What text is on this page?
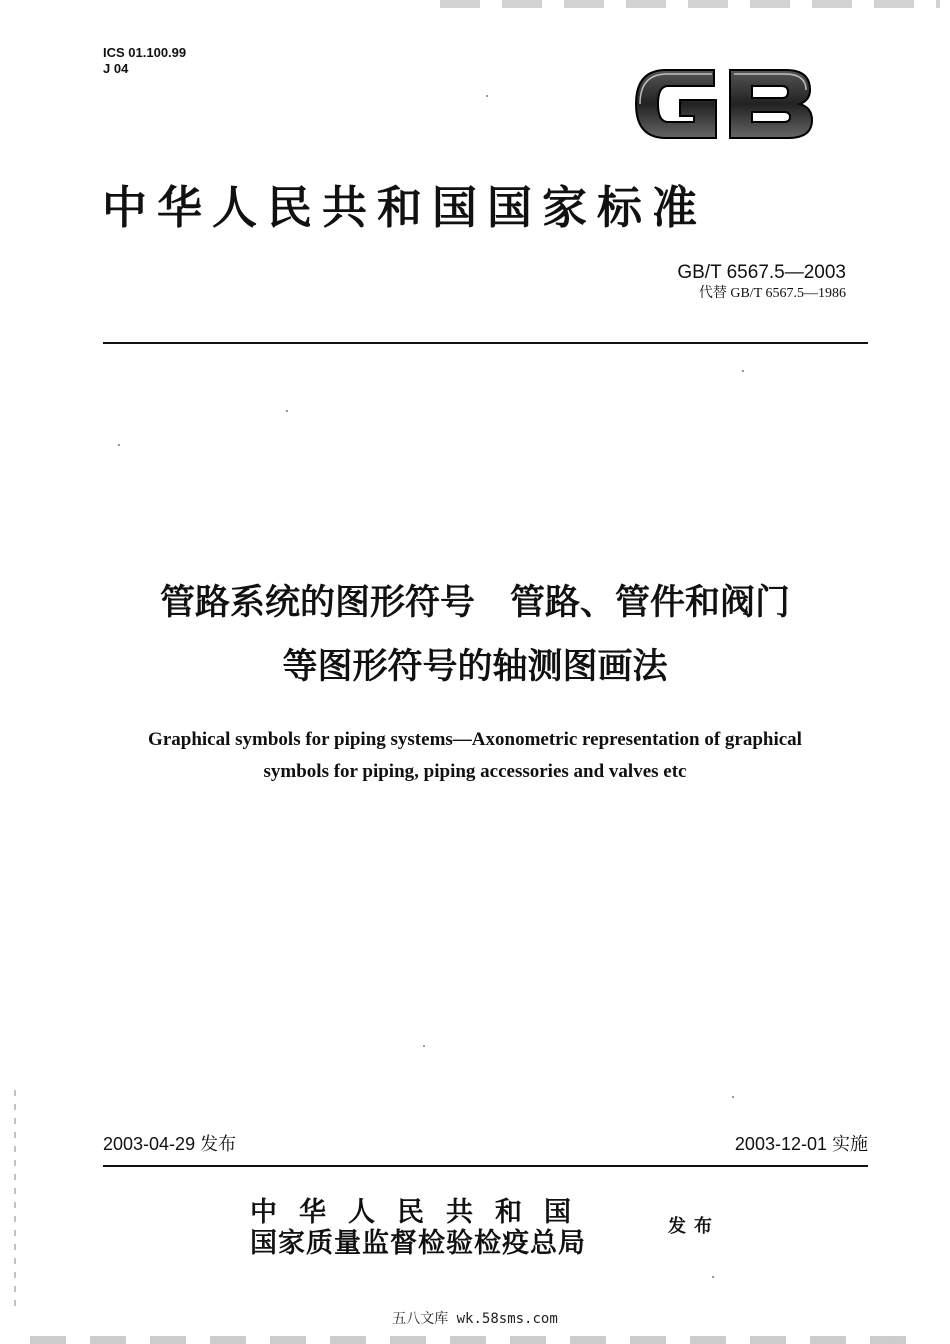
ICS 01.100.99
J 04
中华人民共和国国家标准
GB/T 6567.5—2003
代替 GB/T 6567.5—1986
管路系统的图形符号　管路、管件和阀门
等图形符号的轴测图画法
Graphical symbols for piping systems—Axonometric representation of graphical
symbols for piping, piping accessories and valves etc
2003-04-29 发布	2003-12-01 实施
中华人民共和国
国家质量监督检验检疫总局
发布
五八文库 wk.58sms.com
